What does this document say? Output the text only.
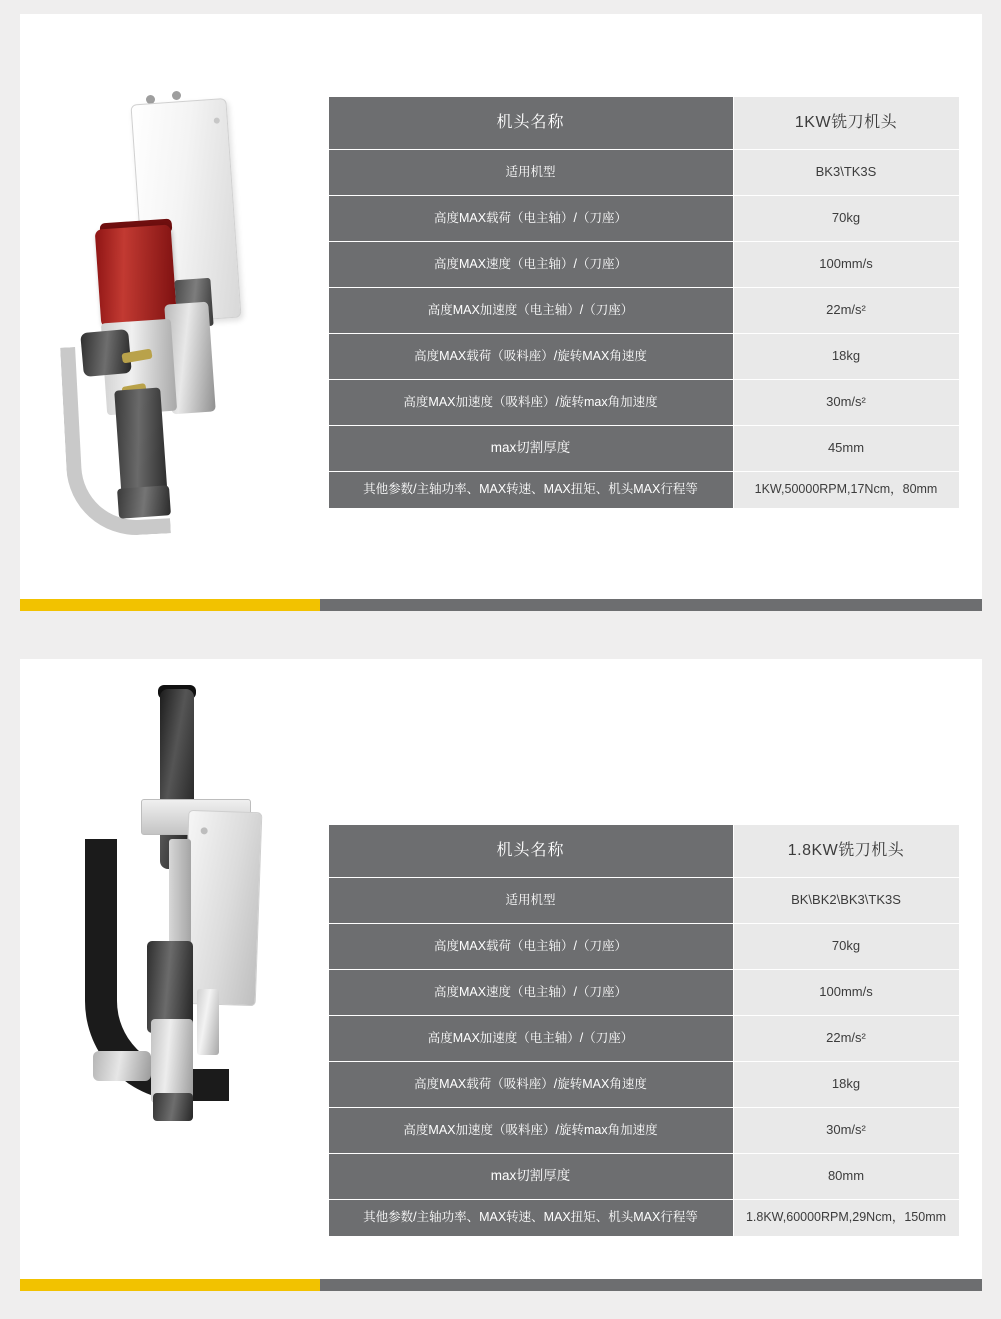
机头名称	1KW铣刀机头
适用机型	BK3\TK3S
高度MAX载荷（电主轴）/（刀座）	70kg
高度MAX速度（电主轴）/（刀座）	100mm/s
高度MAX加速度（电主轴）/（刀座）	22m/s²
高度MAX载荷（吸料座）/旋转MAX角速度	18kg
高度MAX加速度（吸料座）/旋转max角加速度	30m/s²
max切割厚度	45mm
其他参数/主轴功率、MAX转速、MAX扭矩、机头MAX行程等	1KW,50000RPM,17Ncm，80mm
机头名称	1.8KW铣刀机头
适用机型	BK\BK2\BK3\TK3S
高度MAX载荷（电主轴）/（刀座）	70kg
高度MAX速度（电主轴）/（刀座）	100mm/s
高度MAX加速度（电主轴）/（刀座）	22m/s²
高度MAX载荷（吸料座）/旋转MAX角速度	18kg
高度MAX加速度（吸料座）/旋转max角加速度	30m/s²
max切割厚度	80mm
其他参数/主轴功率、MAX转速、MAX扭矩、机头MAX行程等	1.8KW,60000RPM,29Ncm，150mm
